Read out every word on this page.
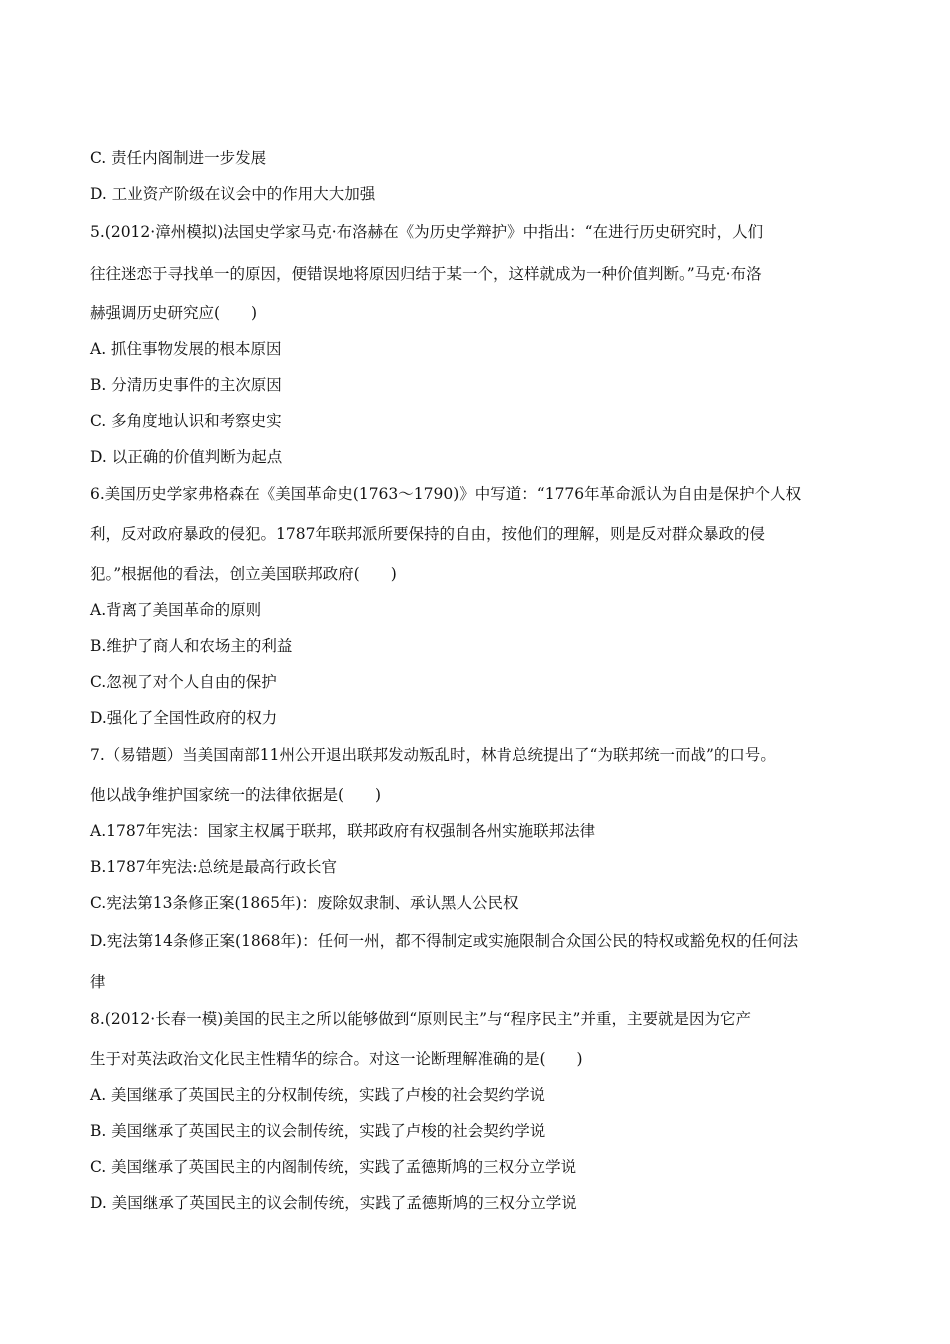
C. 责任内阁制进一步发展
D. 工业资产阶级在议会中的作用大大加强
5.(2012·漳州模拟)法国史学家马克·布洛赫在《为历史学辩护》中指出：“在进行历史研究时，人们
往往迷恋于寻找单一的原因，便错误地将原因归结于某一个，这样就成为一种价值判断。”马克·布洛
赫强调历史研究应(　　)
A. 抓住事物发展的根本原因
B. 分清历史事件的主次原因
C. 多角度地认识和考察史实
D. 以正确的价值判断为起点
6.美国历史学家弗格森在《美国革命史(1763～1790)》中写道：“1776年革命派认为自由是保护个人权
利，反对政府暴政的侵犯。1787年联邦派所要保持的自由，按他们的理解，则是反对群众暴政的侵
犯。”根据他的看法，创立美国联邦政府(　　)
A.背离了美国革命的原则
B.维护了商人和农场主的利益
C.忽视了对个人自由的保护
D.强化了全国性政府的权力
7.（易错题）当美国南部11州公开退出联邦发动叛乱时，林肯总统提出了“为联邦统一而战”的口号。
他以战争维护国家统一的法律依据是(　　)
A.1787年宪法：国家主权属于联邦，联邦政府有权强制各州实施联邦法律
B.1787年宪法:总统是最高行政长官
C.宪法第13条修正案(1865年)：废除奴隶制、承认黑人公民权
D.宪法第14条修正案(1868年)：任何一州，都不得制定或实施限制合众国公民的特权或豁免权的任何法
律
8.(2012·长春一模)美国的民主之所以能够做到“原则民主”与“程序民主”并重，主要就是因为它产
生于对英法政治文化民主性精华的综合。对这一论断理解准确的是(　　)
A. 美国继承了英国民主的分权制传统，实践了卢梭的社会契约学说
B. 美国继承了英国民主的议会制传统，实践了卢梭的社会契约学说
C. 美国继承了英国民主的内阁制传统，实践了孟德斯鸠的三权分立学说
D. 美国继承了英国民主的议会制传统，实践了孟德斯鸠的三权分立学说
